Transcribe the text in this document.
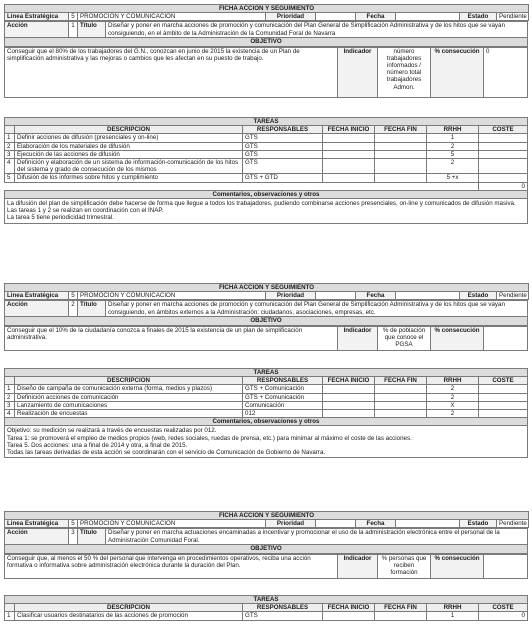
FICHA ACCION Y SEGUIMIENTO
Linea Estratégica	5	PROMOCION Y COMUNICACIÓN	Prioridad		Fecha		Estado	Pendiente
Acción	1	Título	Diseñar y poner en marcha acciones de promoción y comunicación del Plan General de Simplificación Administrativa y de los hitos que se vayan consiguiendo, en el ámbito de la Administración de la Comunidad Foral de Navarra
OBJETIVO
Conseguir que el 80% de los trabajadores del G.N., conozcan en junio de 2015 la existencia de un Plan de simplificación administrativa y las mejoras o cambios que les afectan en su puesto de trabajo.	Indicador	número trabajadores informados / número total trabajadores Admon.	% consecución	0
TAREAS						
	DESCRIPCIÓN	RESPONSABLES	FECHA INICIO	FECHA FIN	RRHH	COSTE
1	Definir acciones de difusión (presenciales y on-line)	GTS			1	
2	Elaboración de los materiales de difusión	GTS			2	
3	Ejecución de las acciones de difusión	GTS			5	
4	Definición y elaboración de un sistema de información-comunicación de los hitos del sistema y grado de consecución de los mismos	GTS			2	
5	Difusión de los informes sobre hitos y cumplimiento	GTS + GTD			5 +x	
						0
Comentarios, observaciones y otros						
La difusión del plan de simplificación debe hacerse de forma que llegue a todos los trabajadores, pudiendo combinarse acciones presenciales, on-line y comunicados de difusión masiva.
Las tareas 1 y 2 se realizan en coordinación con el INAP.
La tarea 5 tiene periodicidad trimestral.
FICHA ACCION Y SEGUIMIENTO
Linea Estratégica	5	PROMOCION Y COMUNICACIÓN	Prioridad		Fecha		Estado	Pendiente
Acción	2	Título	Diseñar y poner en marcha acciones de promoción y comunicación del Plan General de Simplificación Administrativa y de los hitos que se vayan consiguiendo, en ámbitos externos a la Administración: ciudadanos, asociaciones, empresas, etc.
OBJETIVO
Conseguir que el 10% de la ciudadanía conozca a finales de 2015 la existencia de un plan de simplificación administrativa.	Indicador	% de población que conoce el PGSA	% consecución	
TAREAS						
	DESCRIPCIÓN	RESPONSABLES	FECHA INICIO	FECHA FIN	RRHH	COSTE
1	Diseño de campaña de comunicación externa (forma, medios y plazos)	GTS + Comunicación			2	
2	Definición acciones de comunicación	GTS + Comunicación			2	
3	Lanzamiento de comunicaciones	Comunicación			X	
4	Realización de encuestas	012			2	
Comentarios, observaciones y otros						
Objetivo: su medición se realizará a través de encuestas realizadas por 012.
Tarea 1: se promoverá el empleo de medios propios (web, redes sociales, ruedas de prensa, etc.) para minimar al máximo el coste de las acciones.
Tarea 5. Dos acciones: una a final de 2014 y otra, a final de 2015.
Todas las tareas derivadas de esta acción se coordinarán con el servicio de Comunicación de Gobierno de Navarra.
FICHA ACCION Y SEGUIMIENTO
Linea Estratégica	5	PROMOCION Y COMUNICACIÓN	Prioridad		Fecha		Estado	Pendiente
Acción	3	Título	Diseñar y poner en marcha actuaciones encaminadas a incentivar y promocionar el uso de la administración electrónica entre el personal de la Administración Comunidad Foral.
OBJETIVO
Conseguir que, al menos el 50 % del personal que intervenga en procedimientos operativos, reciba una acción formativa o informativa sobre administración electrónica durante la duración del Plan.	Indicador	% personas que reciben formación	% consecución	
TAREAS						
	DESCRIPCIÓN	RESPONSABLES	FECHA INICIO	FECHA FIN	RRHH	COSTE
1	Clasificar usuarios destinatarios de las acciones de promoción	GTS			1	0
